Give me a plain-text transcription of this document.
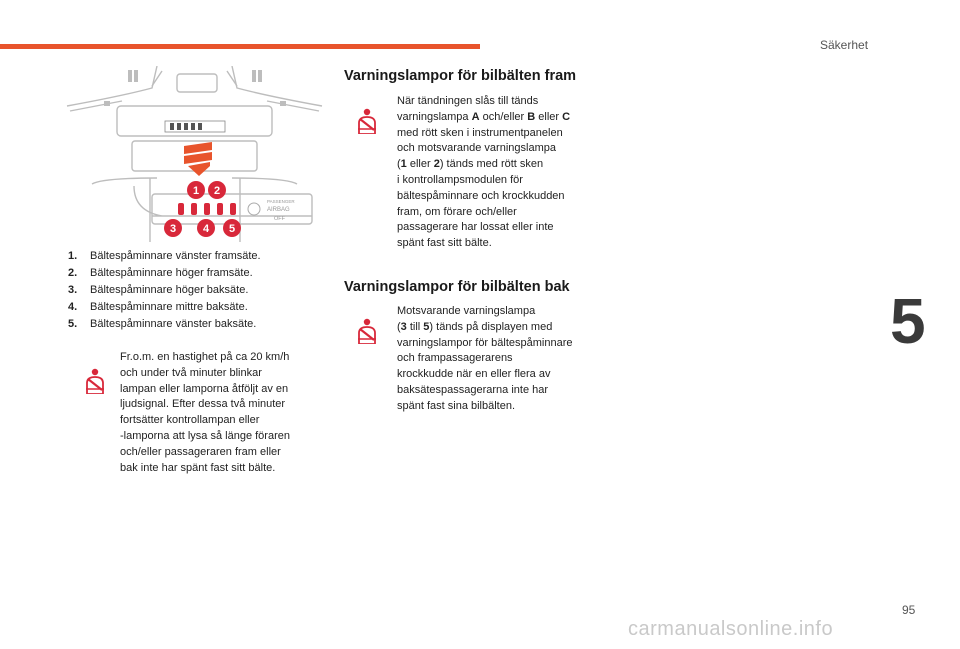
Säkerhet
5
95
carmanualsonline.info
PASSENGER
AIRBAG
OFF
1 2
3 4 5
1. Bältespåminnare vänster framsäte.
2. Bältespåminnare höger framsäte.
3. Bältespåminnare höger baksäte.
4. Bältespåminnare mittre baksäte.
5. Bältespåminnare vänster baksäte.
Fr.o.m. en hastighet på ca 20 km/h
och under två minuter blinkar
lampan eller lamporna åtföljt av en
ljudsignal. Efter dessa två minuter
fortsätter kontrollampan eller
-lamporna att lysa så länge föraren
och/eller passageraren fram eller
bak inte har spänt fast sitt bälte.
Varningslampor för bilbälten fram
När tändningen slås till tänds
varningslampa A och/eller B eller C
med rött sken i instrumentpanelen
och motsvarande varningslampa
(1 eller 2) tänds med rött sken
i kontrollampsmodulen för
bältespåminnare och krockkudden
fram, om förare och/eller
passagerare har lossat eller inte
spänt fast sitt bälte.
Varningslampor för bilbälten bak
Motsvarande varningslampa
(3 till 5) tänds på displayen med
varningslampor för bältespåminnare
och frampassagerarens
krockkudde när en eller flera av
baksätespassagerarna inte har
spänt fast sina bilbälten.
